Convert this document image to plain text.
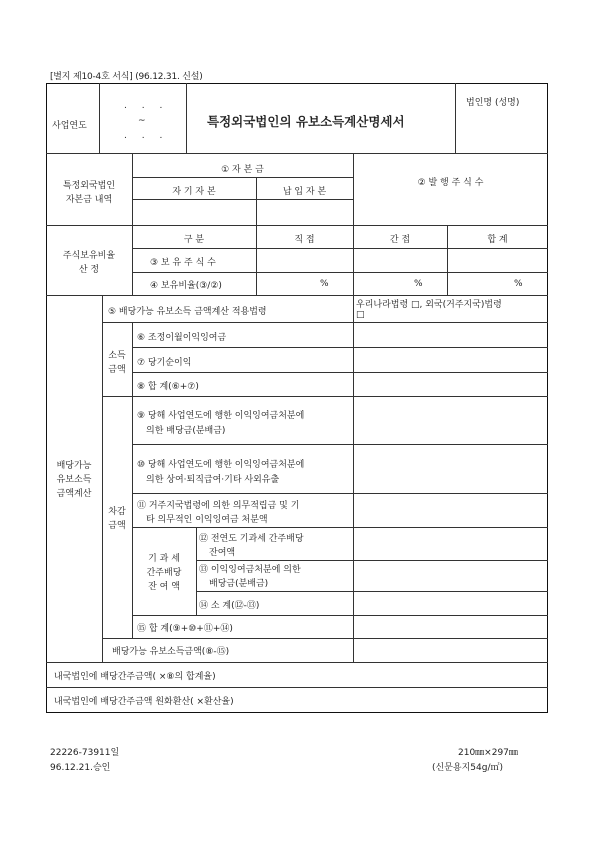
[별지 제10-4호 서식] (96.12.31. 신설)
사업연도
. . .
~
. . .
특정외국법인의 유보소득계산명세서
법인명 (성명)
특정외국법인
자본금 내역
① 자 본 금
자 기 자 본	납 입 자 본
② 발 행 주 식 수
주식보유비율
산 정
구 분	직 접	간 접	합 계
③ 보 유 주 식 수
④ 보유비율(③/②)	%	%	%
배당가능
유보소득
금액계산
⑤ 배당가능 유보소득 금액계산 적용법령
우리나라법령 □, 외국(거주지국)법령
□
소득
금액
⑥ 조정이월이익잉여금
⑦ 당기순이익
⑧ 합 계(⑥+⑦)
차감
금액
⑨ 당해 사업연도에 행한 이익잉여금처분에
의한 배당금(분배금)
⑩ 당해 사업연도에 행한 이익잉여금처분에
의한 상여·퇴직급여·기타 사외유출
⑪ 거주지국법령에 의한 의무적립금 및 기
타 의무적인 이익잉여금 처분액
기 과 세
간주배당
잔 여 액
⑫ 전연도 기과세 간주배당
잔여액
⑬ 이익잉여금처분에 의한
배당금(분배금)
⑭ 소 계(⑫-⑬)
⑮ 합 계(⑨+⑩+⑪+⑭)
배당가능 유보소득금액(⑧-⑮)
내국법인에 배당간주금액( ×⑧의 합계율)
내국법인에 배당간주금액 원화환산( ×환산율)
22226-73911일
96.12.21.승인
210㎜×297㎜
(신문용지54g/㎡)
